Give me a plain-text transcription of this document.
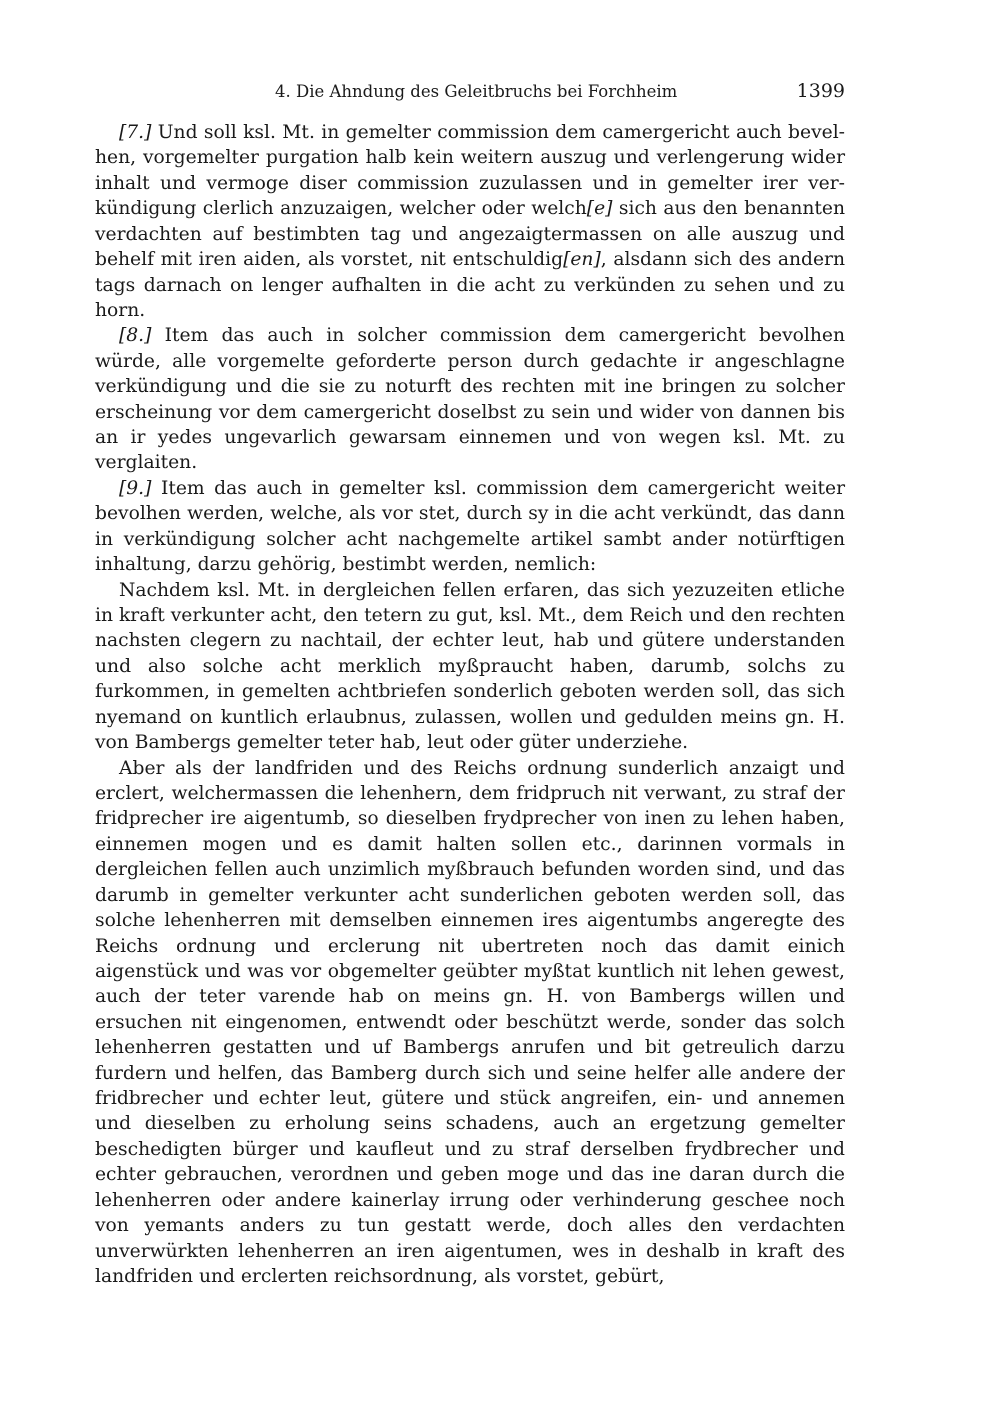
4. Die Ahndung des Geleitbruchs bei Forchheim	1399

[7.] Und soll ksl. Mt. in gemelter commission dem camergericht auch bevelhen, vorgemelter purgation halb kein weitern auszug und verlengerung wider inhalt und vermoge diser commission zuzulassen und in gemelter irer verkündigung clerlich anzuzaigen, welcher oder welch[e] sich aus den benannten verdachten auf bestimbten tag und angezaigtermassen on alle auszug und behelf mit iren aiden, als vorstet, nit entschuldig[en], alsdann sich des andern tags darnach on lenger aufhalten in die acht zu verkünden zu sehen und zu horn.

[8.] Item das auch in solcher commission dem camergericht bevolhen würde, alle vorgemelte geforderte person durch gedachte ir angeschlagne verkündigung und die sie zu noturft des rechten mit ine bringen zu solcher erscheinung vor dem camergericht doselbst zu sein und wider von dannen bis an ir yedes ungevarlich gewarsam einnemen und von wegen ksl. Mt. zu verglaiten.

[9.] Item das auch in gemelter ksl. commission dem camergericht weiter bevolhen werden, welche, als vor stet, durch sy in die acht verkündt, das dann in verkündigung solcher acht nachgemelte artikel sambt ander notürftigen inhaltung, darzu gehörig, bestimbt werden, nemlich:

Nachdem ksl. Mt. in dergleichen fellen erfaren, das sich yezuzeiten etliche in kraft verkunter acht, den tetern zu gut, ksl. Mt., dem Reich und den rechten nachsten clegern zu nachtail, der echter leut, hab und gütere understanden und also solche acht merklich myßpraucht haben, darumb, solchs zu furkommen, in gemelten achtbriefen sonderlich geboten werden soll, das sich nyemand on kuntlich erlaubnus, zulassen, wollen und gedulden meins gn. H. von Bambergs gemelter teter hab, leut oder güter underziehe.

Aber als der landfriden und des Reichs ordnung sunderlich anzaigt und erclert, welchermassen die lehenhern, dem fridpruch nit verwant, zu straf der fridprecher ire aigentumb, so dieselben frydprecher von inen zu lehen haben, einnemen mogen und es damit halten sollen etc., darinnen vormals in dergleichen fellen auch unzimlich myßbrauch befunden worden sind, und das darumb in gemelter verkunter acht sunderlichen geboten werden soll, das solche lehenherren mit demselben einnemen ires aigentumbs angeregte des Reichs ordnung und erclerung nit ubertreten noch das damit einich aigenstück und was vor obgemelter geübter myßtat kuntlich nit lehen gewest, auch der teter varende hab on meins gn. H. von Bambergs willen und ersuchen nit eingenomen, entwendt oder beschützt werde, sonder das solch lehenherren gestatten und uf Bambergs anrufen und bit getreulich darzu furdern und helfen, das Bamberg durch sich und seine helfer alle andere der fridbrecher und echter leut, gütere und stück angreifen, ein- und annemen und dieselben zu erholung seins schadens, auch an ergetzung gemelter beschedigten bürger und kaufleut und zu straf derselben frydbrecher und echter gebrauchen, verordnen und geben moge und das ine daran durch die lehenherren oder andere kainerlay irrung oder verhinderung geschee noch von yemants anders zu tun gestatt werde, doch alles den verdachten unverwürkten lehenherren an iren aigentumen, wes in deshalb in kraft des landfriden und erclerten reichsordnung, als vorstet, gebürt,
